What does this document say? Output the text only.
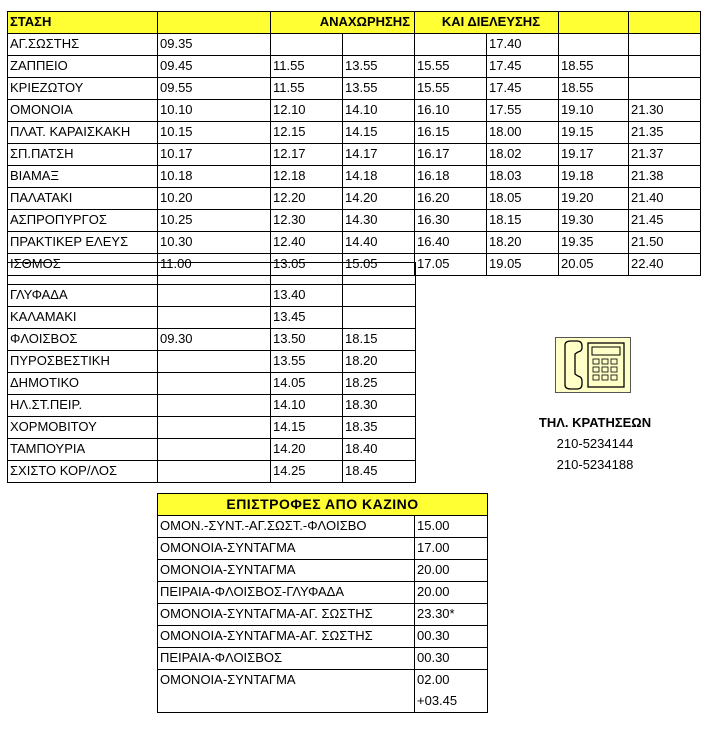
ΣΤΑΣΗ		ΑΝΑΧΩΡΗΣΗΣ		ΚΑΙ ΔΙΕΛΕΥΣΗΣ			
ΑΓ.ΣΩΣΤΗΣ	09.35				17.40		
ΖΑΠΠΕΙΟ	09.45	11.55	13.55	15.55	17.45	18.55	
ΚΡΙΕΖΩΤΟΥ	09.55	11.55	13.55	15.55	17.45	18.55	
ΟΜΟΝΟΙΑ	10.10	12.10	14.10	16.10	17.55	19.10	21.30
ΠΛΑΤ. ΚΑΡΑΙΣΚΑΚΗ	10.15	12.15	14.15	16.15	18.00	19.15	21.35
ΣΠ.ΠΑΤΣΗ	10.17	12.17	14.17	16.17	18.02	19.17	21.37
ΒΙΑΜΑΞ	10.18	12.18	14.18	16.18	18.03	19.18	21.38
ΠΑΛΑΤΑΚΙ	10.20	12.20	14.20	16.20	18.05	19.20	21.40
ΑΣΠΡΟΠΥΡΓΟΣ	10.25	12.30	14.30	16.30	18.15	19.30	21.45
ΠΡΑΚΤΙΚΕΡ ΕΛΕΥΣ	10.30	12.40	14.40	16.40	18.20	19.35	21.50
ΙΣΘΜΟΣ	11.00	13.05	15.05	17.05	19.05	20.05	22.40

ΓΛΥΦΑΔΑ		13.40	
ΚΑΛΑΜΑΚΙ		13.45	
ΦΛΟΙΣΒΟΣ	09.30	13.50	18.15
ΠΥΡΟΣΒΕΣΤΙΚΗ		13.55	18.20
ΔΗΜΟΤΙΚΟ		14.05	18.25
ΗΛ.ΣΤ.ΠΕΙΡ.		14.10	18.30
ΧΟΡΜΟΒΙΤΟΥ		14.15	18.35
ΤΑΜΠΟΥΡΙΑ		14.20	18.40
ΣΧΙΣΤΟ ΚΟΡ/ΛΟΣ		14.25	18.45
ΤΗΛ. ΚΡΑΤΗΣΕΩΝ
210-5234144
210-5234188
ΕΠΙΣΤΡΟΦΕΣ ΑΠΟ ΚΑΖΙΝΟ	
ΟΜΟΝ.-ΣΥΝΤ.-ΑΓ.ΣΩΣΤ.-ΦΛΟΙΣΒΟ	15.00
ΟΜΟΝΟΙΑ-ΣΥΝΤΑΓΜΑ	17.00
ΟΜΟΝΟΙΑ-ΣΥΝΤΑΓΜΑ	20.00
ΠΕΙΡΑΙΑ-ΦΛΟΙΣΒΟΣ-ΓΛΥΦΑΔΑ	20.00
ΟΜΟΝΟΙΑ-ΣΥΝΤΑΓΜΑ-ΑΓ. ΣΩΣΤΗΣ	23.30*
ΟΜΟΝΟΙΑ-ΣΥΝΤΑΓΜΑ-ΑΓ. ΣΩΣΤΗΣ	00.30
ΠΕΙΡΑΙΑ-ΦΛΟΙΣΒΟΣ	00.30
ΟΜΟΝΟΙΑ-ΣΥΝΤΑΓΜΑ	02.00
	+03.45
